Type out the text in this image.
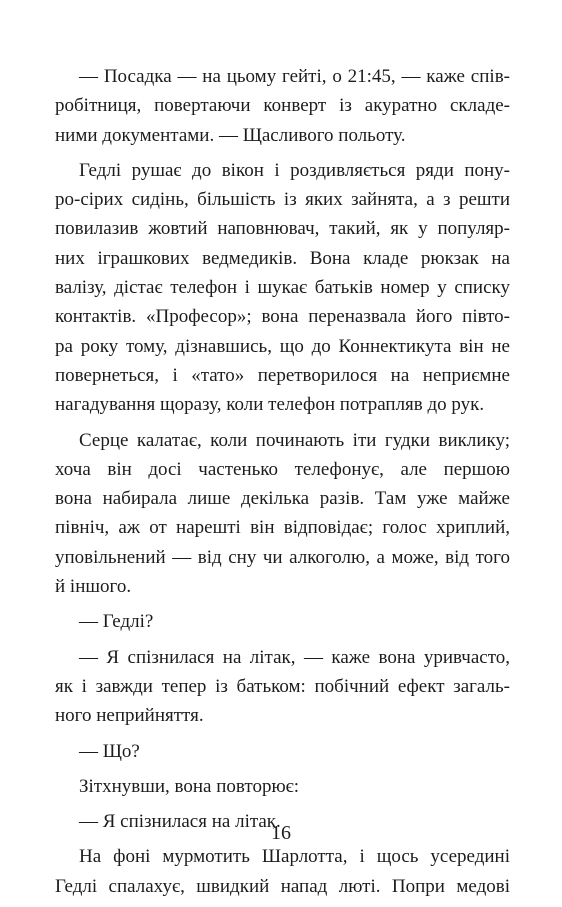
— Посадка — на цьому гейті, о 21:45, — каже спів-
робітниця, повертаючи конверт із акуратно складе-
ними документами. — Щасливого польоту.
Гедлі рушає до вікон і роздивляється ряди пону-
ро-сірих сидінь, більшість із яких зайнята, а з решти
повилазив жовтий наповнювач, такий, як у популяр-
них іграшкових ведмедиків. Вона кладе рюкзак на
валізу, дістає телефон і шукає батьків номер у списку
контактів. «Професор»; вона переназвала його півто-
ра року тому, дізнавшись, що до Коннектикута він не
повернеться, і «тато» перетворилося на неприємне
нагадування щоразу, коли телефон потрапляв до рук.
Серце калатає, коли починають іти гудки виклику;
хоча він досі частенько телефонує, але першою
вона набирала лише декілька разів. Там уже майже
північ, аж от нарешті він відповідає; голос хриплий,
уповільнений — від сну чи алкоголю, а може, від того
й іншого.
— Гедлі?
— Я спізнилася на літак, — каже вона уривчасто,
як і завжди тепер із батьком: побічний ефект загаль-
ного неприйняття.
— Що?
Зітхнувши, вона повторює:
— Я спізнилася на літак.
На фоні мурмотить Шарлотта, і щось усередині
Гедлі спалахує, швидкий напад люті. Попри медові
16
